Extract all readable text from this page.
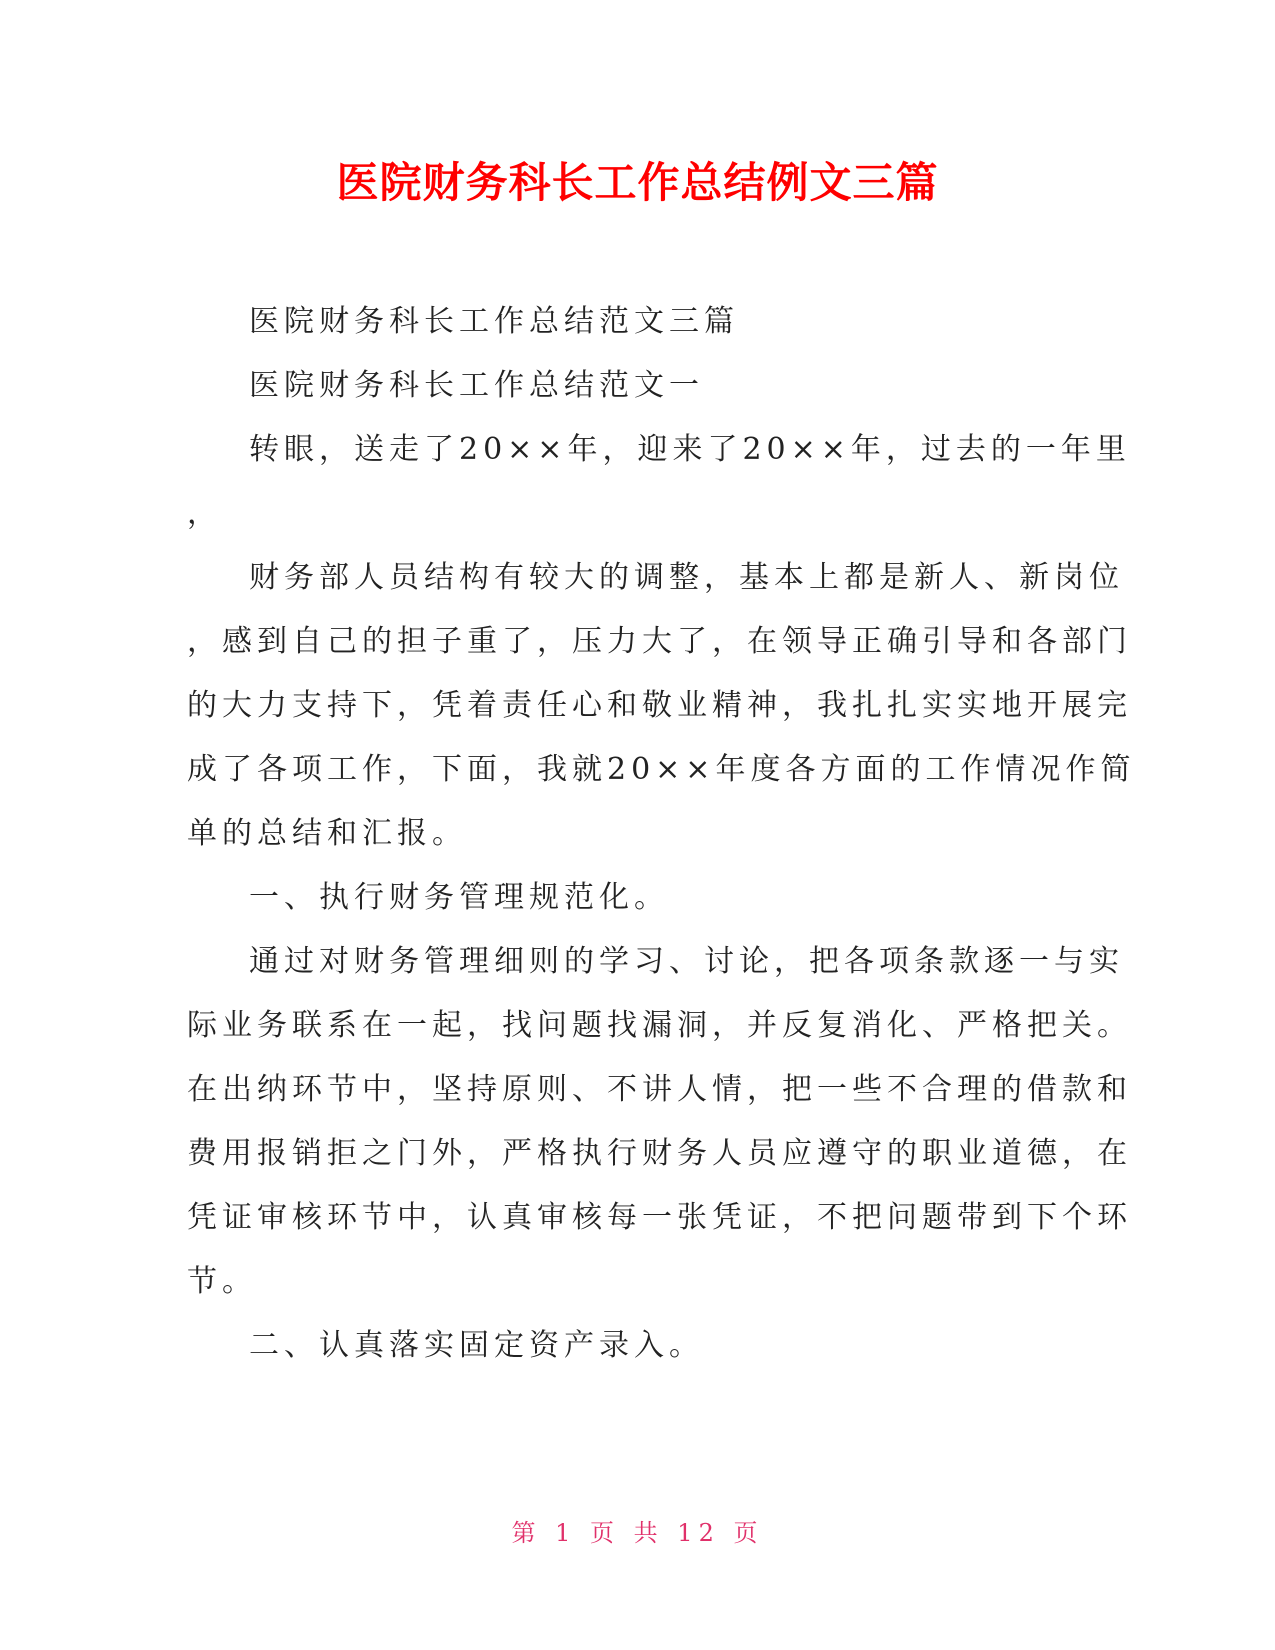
医院财务科长工作总结例文三篇

医院财务科长工作总结范文三篇

医院财务科长工作总结范文一

转眼，送走了20××年，迎来了20××年，过去的一年里

，

财务部人员结构有较大的调整，基本上都是新人、新岗位

，感到自己的担子重了，压力大了，在领导正确引导和各部门

的大力支持下，凭着责任心和敬业精神，我扎扎实实地开展完

成了各项工作，下面，我就20××年度各方面的工作情况作简

单的总结和汇报。

一、执行财务管理规范化。

通过对财务管理细则的学习、讨论，把各项条款逐一与实

际业务联系在一起，找问题找漏洞，并反复消化、严格把关。

在出纳环节中，坚持原则、不讲人情，把一些不合理的借款和

费用报销拒之门外，严格执行财务人员应遵守的职业道德，在

凭证审核环节中，认真审核每一张凭证，不把问题带到下个环

节。

二、认真落实固定资产录入。

第 1 页 共 12 页
